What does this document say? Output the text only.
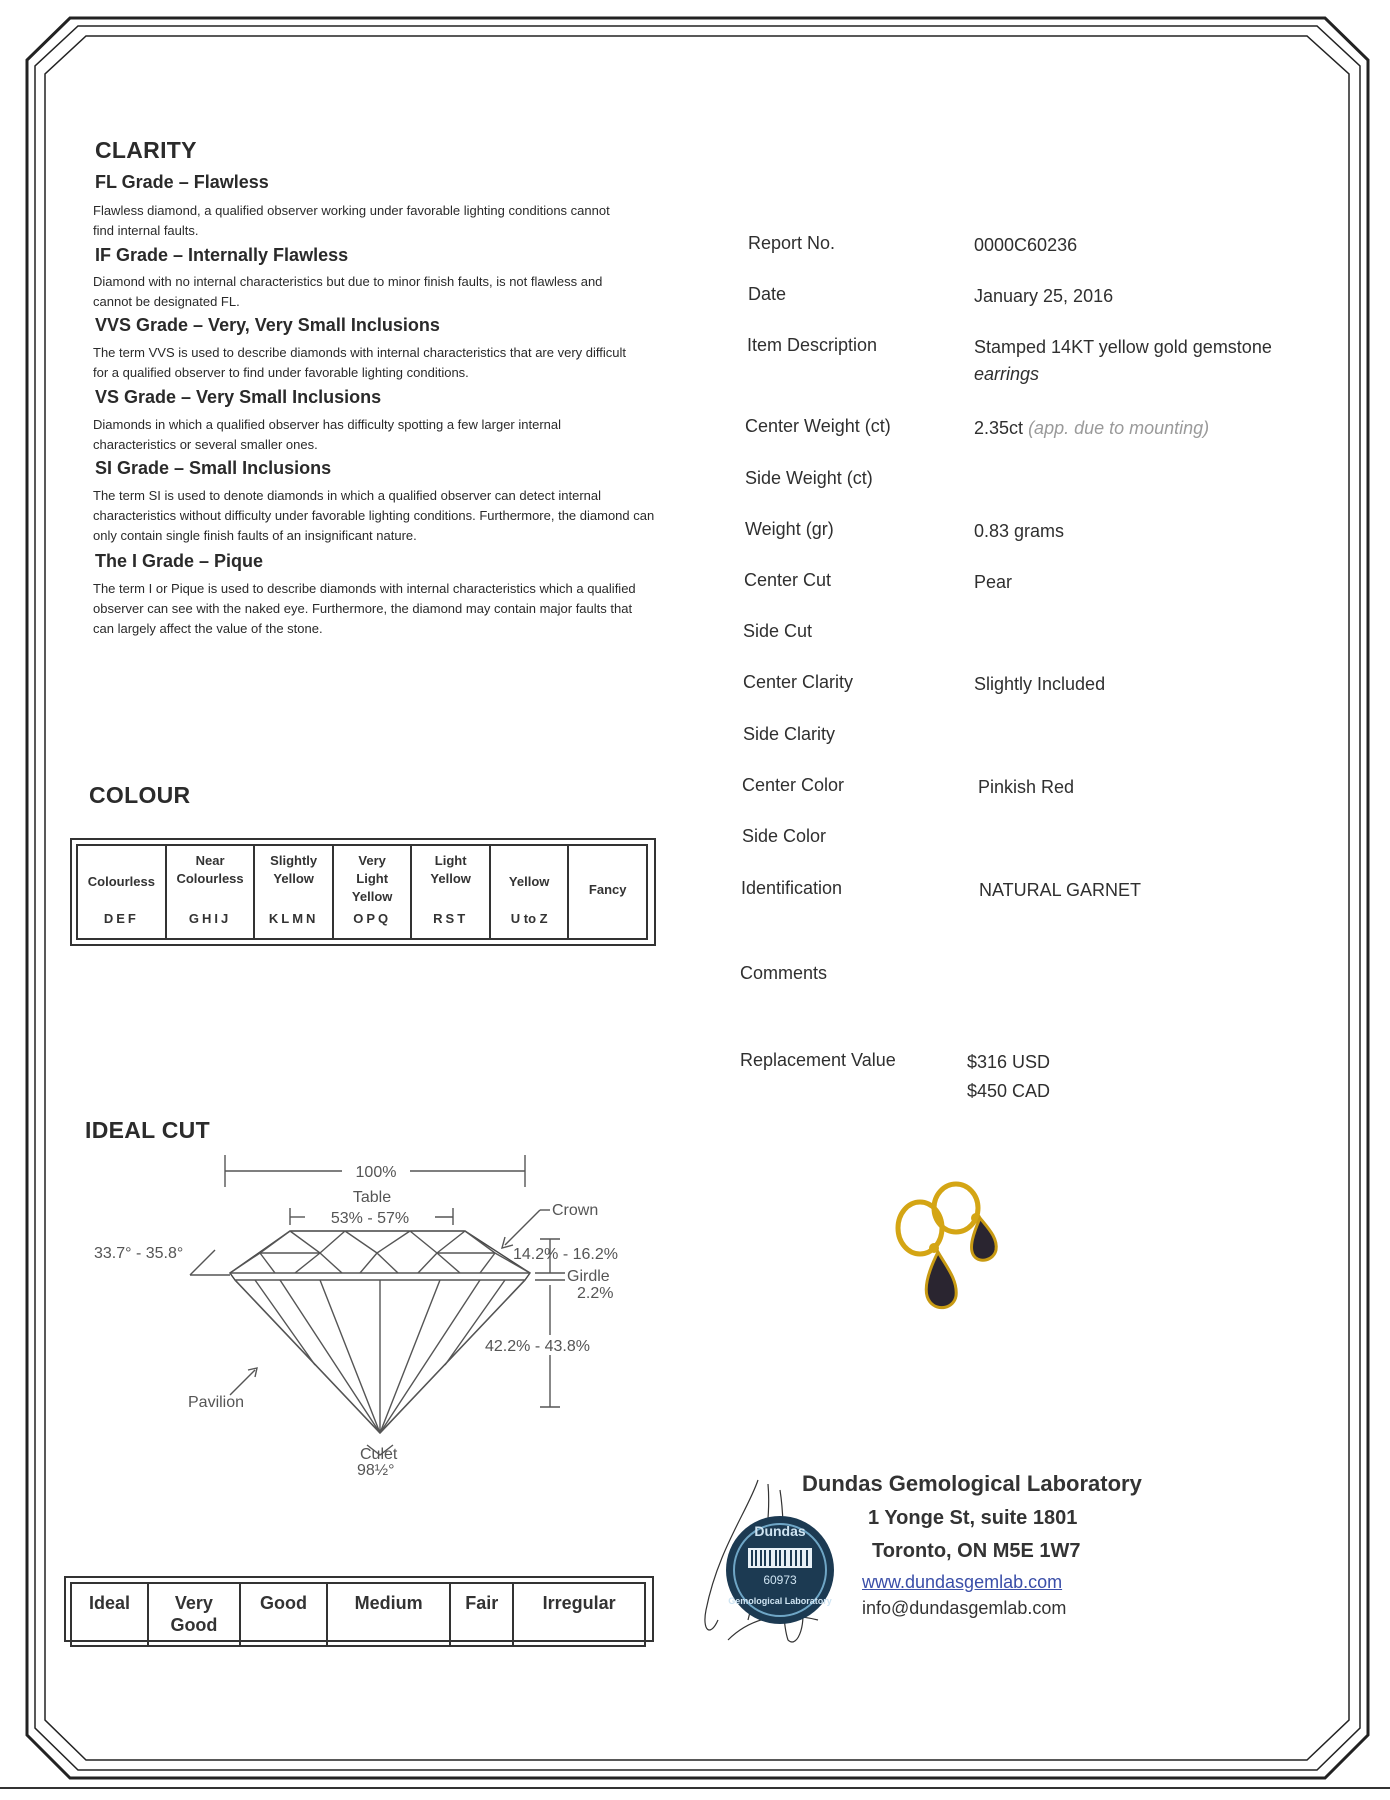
CLARITY
FL Grade – Flawless
Flawless diamond, a qualified observer working under favorable lighting conditions cannot find internal faults.
IF Grade – Internally Flawless
Diamond with no internal characteristics but due to minor finish faults, is not flawless and cannot be designated FL.
VVS Grade – Very, Very Small Inclusions
The term VVS is used to describe diamonds with internal characteristics that are very difficult for a qualified observer to find under favorable lighting conditions.
VS Grade – Very Small Inclusions
Diamonds in which a qualified observer has difficulty spotting a few larger internal characteristics or several smaller ones.
SI Grade – Small Inclusions
The term SI is used to denote diamonds in which a qualified observer can detect internal characteristics without difficulty under favorable lighting conditions. Furthermore, the diamond can only contain single finish faults of an insignificant nature.
The I Grade – Pique
The term I or Pique is used to describe diamonds with internal characteristics which a qualified observer can see with the naked eye. Furthermore, the diamond may contain major faults that can largely affect the value of the stone.
COLOUR
Colourless
DEF

Near
Colourless
GHIJ

Slightly
Yellow
KLMN

Very
Light
Yellow
OPQ

Light
Yellow
RST

Yellow
U to Z

Fancy
IDEAL CUT
100%
Table
53% - 57%	Crown
33.7° - 35.8°	14.2% - 16.2%
Girdle
2.2%
42.2% - 43.8%
Pavilion
Culet
98½°
Ideal	Very Good	Good	Medium	Fair	Irregular
Report No.	0000C60236
Date	January 25, 2016
Item Description	Stamped 14KT yellow gold gemstone
earrings
Center Weight (ct)	2.35ct (app. due to mounting)
Side Weight (ct)
Weight (gr)	0.83 grams
Center Cut	Pear
Side Cut
Center Clarity	Slightly Included
Side Clarity
Center Color	Pinkish Red
Side Color
Identification	NATURAL GARNET
Comments
Replacement Value	$316 USD
$450 CAD
Dundas Gemological Laboratory
1 Yonge St, suite 1801
Toronto, ON M5E 1W7
www.dundasgemlab.com
info@dundasgemlab.com
Dundas
60973
Gemological Laboratory
